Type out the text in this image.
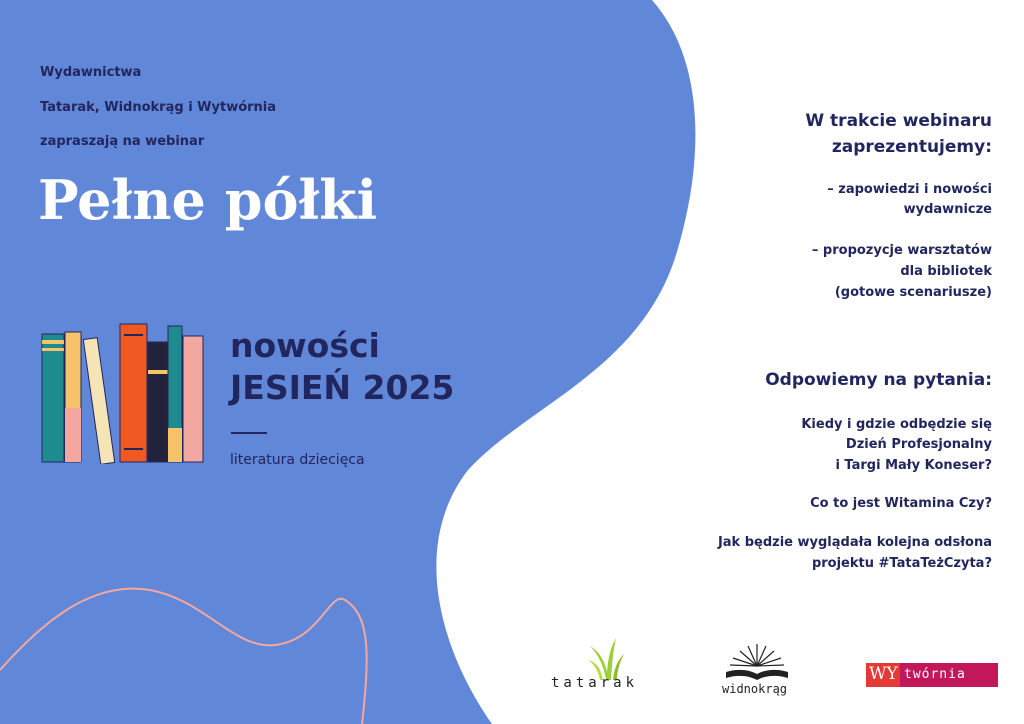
Wydawnictwa
Tatarak, Widnokrąg i Wytwórnia
zapraszają na webinar
Pełne półki
nowości
JESIEŃ 2025
literatura dziecięca
W trakcie webinaru
zaprezentujemy:
– zapowiedzi i nowości
wydawnicze
– propozycje warsztatów
dla bibliotek
(gotowe scenariusze)
Odpowiemy na pytania:
Kiedy i gdzie odbędzie się
Dzień Profesjonalny
i Targi Mały Koneser?
Co to jest Witamina Czy?
Jak będzie wyglądała kolejna odsłona
projektu #TataTeżCzyta?
tatarak	widnokrąg
WY twórnia
